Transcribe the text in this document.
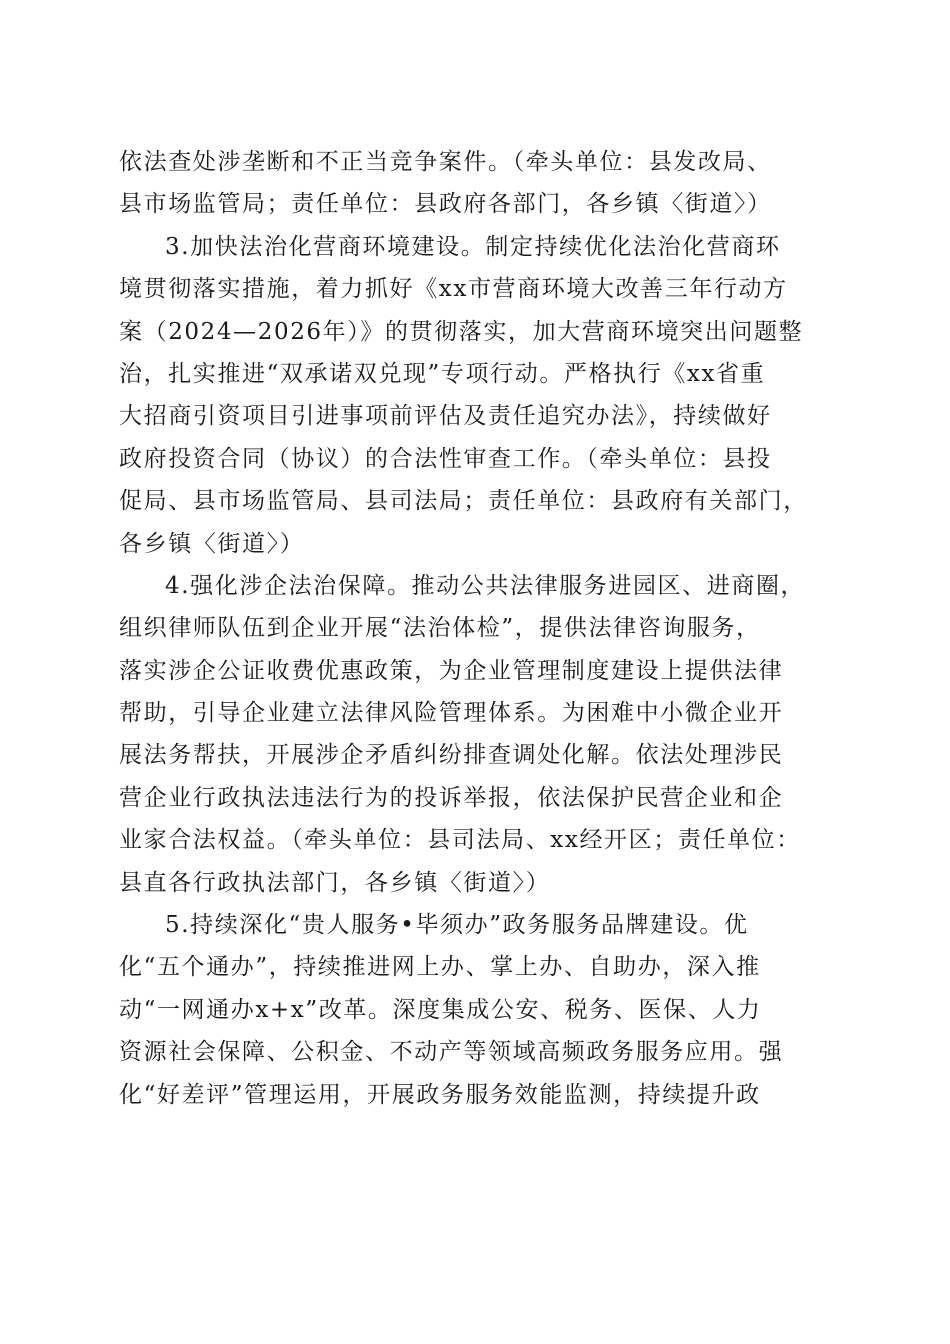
依法查处涉垄断和不正当竞争案件。（牵头单位：县发改局、
县市场监管局；责任单位：县政府各部门，各乡镇〈街道〉）
3.加快法治化营商环境建设。制定持续优化法治化营商环
境贯彻落实措施，着力抓好《xx市营商环境大改善三年行动方
案（2024—2026年）》的贯彻落实，加大营商环境突出问题整
治，扎实推进“双承诺双兑现”专项行动。严格执行《xx省重
大招商引资项目引进事项前评估及责任追究办法》，持续做好
政府投资合同（协议）的合法性审查工作。（牵头单位：县投
促局、县市场监管局、县司法局；责任单位：县政府有关部门，
各乡镇〈街道〉）
4.强化涉企法治保障。推动公共法律服务进园区、进商圈，
组织律师队伍到企业开展“法治体检”，提供法律咨询服务，
落实涉企公证收费优惠政策，为企业管理制度建设上提供法律
帮助，引导企业建立法律风险管理体系。为困难中小微企业开
展法务帮扶，开展涉企矛盾纠纷排查调处化解。依法处理涉民
营企业行政执法违法行为的投诉举报，依法保护民营企业和企
业家合法权益。（牵头单位：县司法局、xx经开区；责任单位：
县直各行政执法部门，各乡镇〈街道〉）
5.持续深化“贵人服务•毕须办”政务服务品牌建设。优
化“五个通办”，持续推进网上办、掌上办、自助办，深入推
动“一网通办x+x”改革。深度集成公安、税务、医保、人力
资源社会保障、公积金、不动产等领域高频政务服务应用。强
化“好差评”管理运用，开展政务服务效能监测，持续提升政
